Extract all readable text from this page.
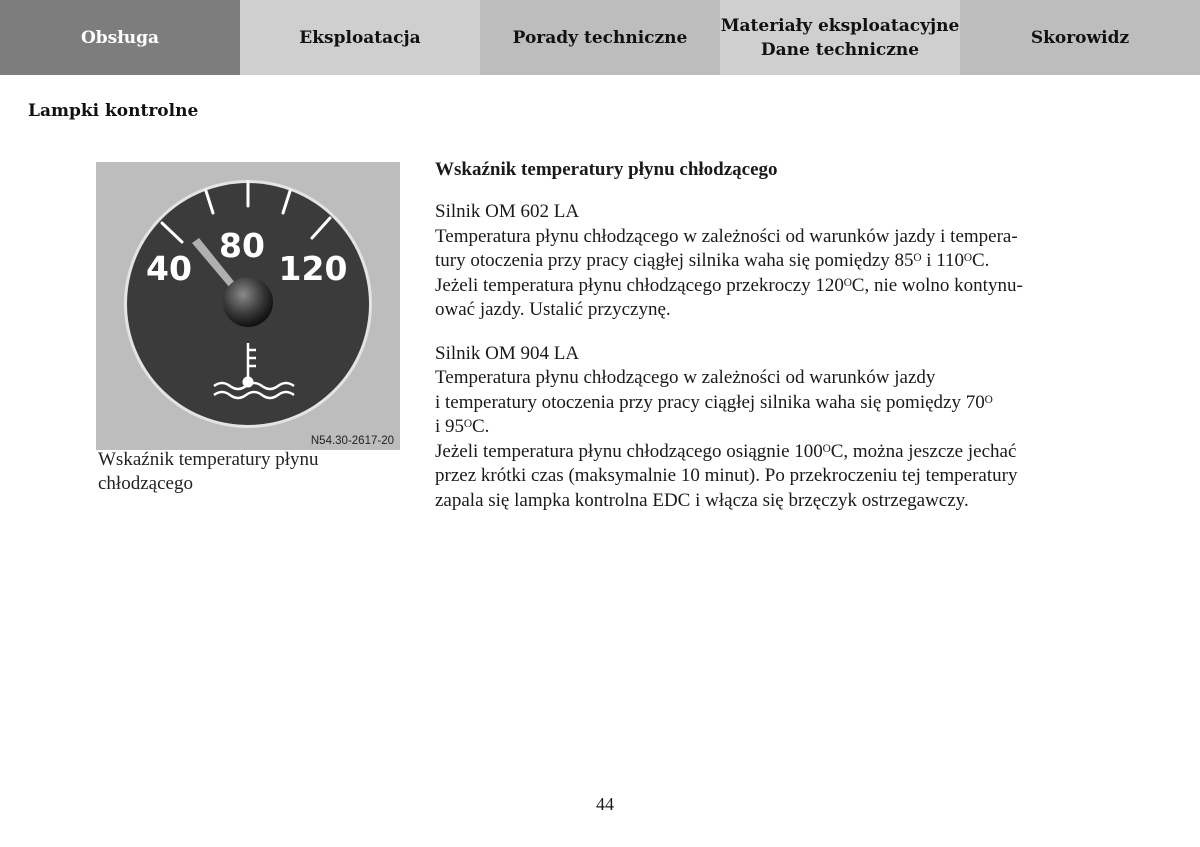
Obsługa	Eksploatacja	Porady techniczne
Materiały eksploatacyjne
Dane techniczne
Skorowidz
Lampki kontrolne
40
80
120
N54.30-2617-20
Wskaźnik temperatury płynu
chłodzącego
Wskaźnik temperatury płynu chłodzącego
Silnik OM 602 LA
Temperatura płynu chłodzącego w zależności od warunków jazdy i tempera-
tury otoczenia przy pracy ciągłej silnika waha się pomiędzy 85ᴼ i 110ᴼC.
Jeżeli temperatura płynu chłodzącego przekroczy 120ᴼC, nie wolno kontynu-
ować jazdy. Ustalić przyczynę.
Silnik OM 904 LA
Temperatura płynu chłodzącego w zależności od warunków jazdy
i temperatury otoczenia przy pracy ciągłej silnika waha się pomiędzy 70ᴼ
i 95ᴼC.
Jeżeli temperatura płynu chłodzącego osiągnie 100ᴼC, można jeszcze jechać
przez krótki czas (maksymalnie 10 minut). Po przekroczeniu tej temperatury
zapala się lampka kontrolna EDC i włącza się brzęczyk ostrzegawczy.
44
